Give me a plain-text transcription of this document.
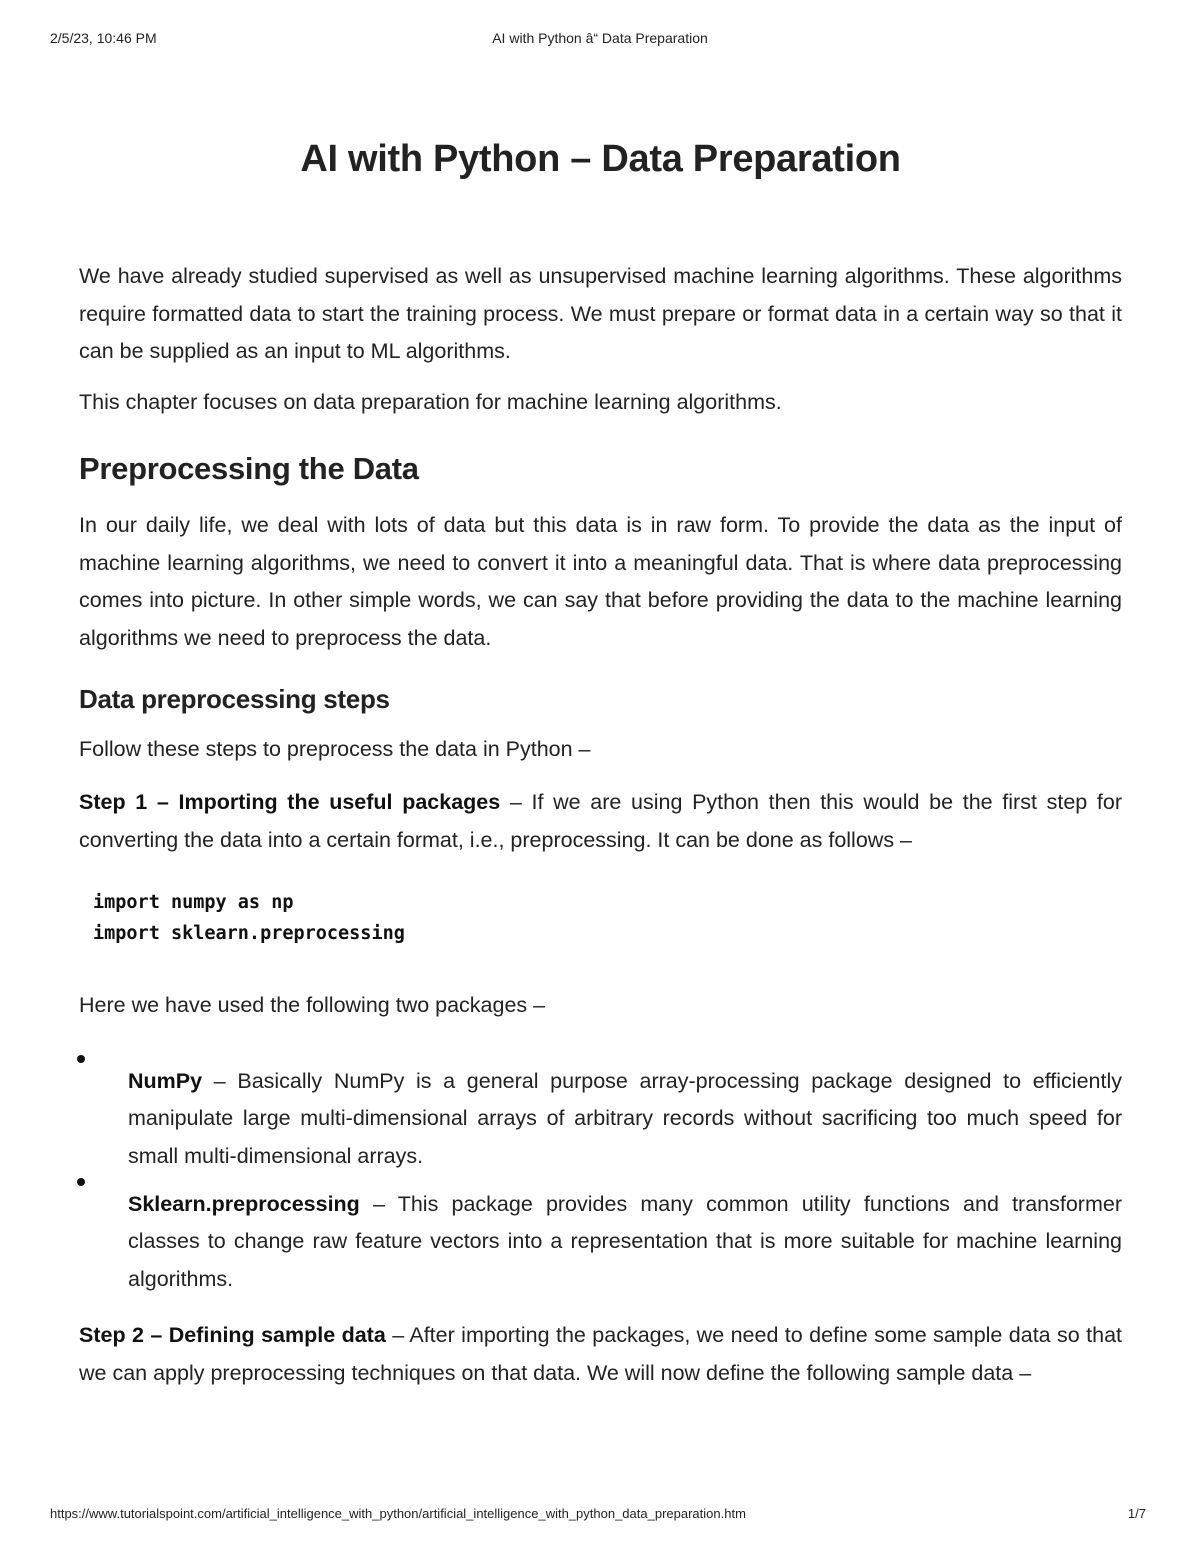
2/5/23, 10:46 PM	AI with Python â“ Data Preparation
AI with Python – Data Preparation

We have already studied supervised as well as unsupervised machine learning algorithms. These algorithms require formatted data to start the training process. We must prepare or format data in a certain way so that it can be supplied as an input to ML algorithms.

This chapter focuses on data preparation for machine learning algorithms.

Preprocessing the Data

In our daily life, we deal with lots of data but this data is in raw form. To provide the data as the input of machine learning algorithms, we need to convert it into a meaningful data. That is where data preprocessing comes into picture. In other simple words, we can say that before providing the data to the machine learning algorithms we need to preprocess the data.

Data preprocessing steps

Follow these steps to preprocess the data in Python –

Step 1 – Importing the useful packages – If we are using Python then this would be the first step for converting the data into a certain format, i.e., preprocessing. It can be done as follows –

import numpy as np
import sklearn.preprocessing

Here we have used the following two packages –

NumPy – Basically NumPy is a general purpose array-processing package designed to efficiently manipulate large multi-dimensional arrays of arbitrary records without sacrificing too much speed for small multi-dimensional arrays.

Sklearn.preprocessing – This package provides many common utility functions and transformer classes to change raw feature vectors into a representation that is more suitable for machine learning algorithms.

Step 2 – Defining sample data – After importing the packages, we need to define some sample data so that we can apply preprocessing techniques on that data. We will now define the following sample data –

https://www.tutorialspoint.com/artificial_intelligence_with_python/artificial_intelligence_with_python_data_preparation.htm	1/7
